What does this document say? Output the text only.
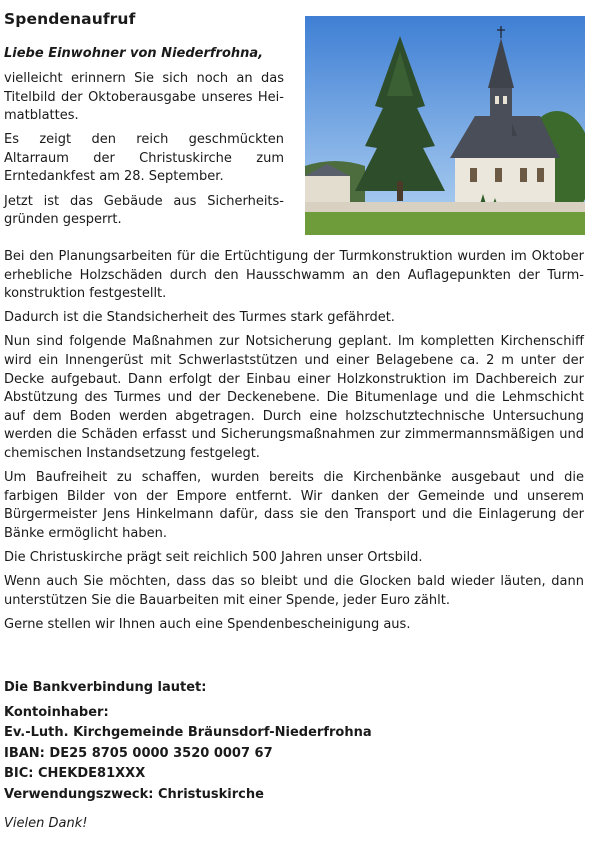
Spendenaufruf
Liebe Einwohner von Niederfrohna,

vielleicht erinnern Sie sich noch an das Titelbild der Oktoberausgabe unseres Heimatblattes.

Es zeigt den reich geschmückten Altarraum der Christuskirche zum Erntedankfest am 28. September.

Jetzt ist das Gebäude aus Sicherheitsgründen gesperrt.

Bei den Planungsarbeiten für die Ertüchtigung der Turmkonstruktion wurden im Oktober erhebliche Holzschäden durch den Hausschwamm an den Auflagepunkten der Turmkonstruktion festgestellt.

Dadurch ist die Standsicherheit des Turmes stark gefährdet.

Nun sind folgende Maßnahmen zur Notsicherung geplant. Im kompletten Kirchenschiff wird ein Innengerüst mit Schwerlaststützen und einer Belagebene ca. 2 m unter der Decke aufgebaut. Dann erfolgt der Einbau einer Holzkonstruktion im Dachbereich zur Abstützung des Turmes und der Deckenebene. Die Bitumenlage und die Lehmschicht auf dem Boden werden abgetragen. Durch eine holzschutztechnische Untersuchung werden die Schäden erfasst und Sicherungsmaßnahmen zur zimmermannsmäßigen und chemischen Instandsetzung festgelegt.

Um Baufreiheit zu schaffen, wurden bereits die Kirchenbänke ausgebaut und die farbigen Bilder von der Empore entfernt. Wir danken der Gemeinde und unserem Bürgermeister Jens Hinkelmann dafür, dass sie den Transport und die Einlagerung der Bänke ermöglicht haben.

Die Christuskirche prägt seit reichlich 500 Jahren unser Ortsbild.

Wenn auch Sie möchten, dass das so bleibt und die Glocken bald wieder läuten, dann unterstützen Sie die Bauarbeiten mit einer Spende, jeder Euro zählt.

Gerne stellen wir Ihnen auch eine Spendenbescheinigung aus.

Die Bankverbindung lautet:
Kontoinhaber:
Ev.-Luth. Kirchgemeinde Bräunsdorf-Niederfrohna
IBAN: DE25 8705 0000 3520 0007 67
BIC: CHEKDE81XXX
Verwendungszweck: Christuskirche
Vielen Dank!
